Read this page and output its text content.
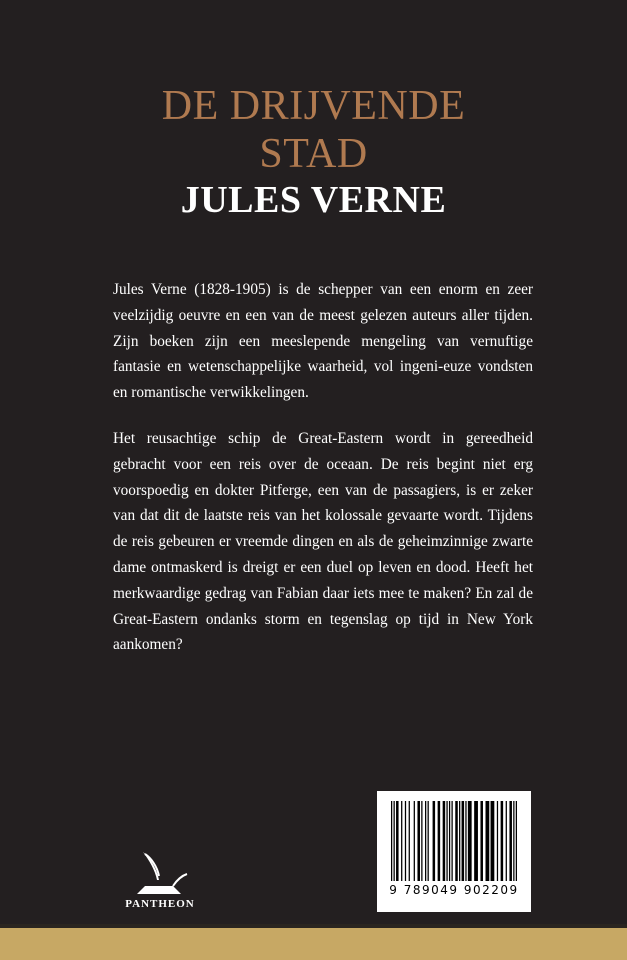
DE DRIJVENDE
STAD
JULES VERNE

Jules Verne (1828-1905) is de schepper van een enorm en zeer veelzijdig oeuvre en een van de meest gelezen auteurs aller tijden. Zijn boeken zijn een meeslepende mengeling van vernuftige fantasie en wetenschappelijke waarheid, vol ingeni-euze vondsten en romantische verwikkelingen.

Het reusachtige schip de Great-Eastern wordt in gereedheid gebracht voor een reis over de oceaan. De reis begint niet erg voorspoedig en dokter Pitferge, een van de passagiers, is er zeker van dat dit de laatste reis van het kolossale gevaarte wordt. Tijdens de reis gebeuren er vreemde dingen en als de geheimzinnige zwarte dame ontmaskerd is dreigt er een duel op leven en dood. Heeft het merkwaardige gedrag van Fabian daar iets mee te maken? En zal de Great-Eastern ondanks storm en tegenslag op tijd in New York aankomen?

PANTHEON
9 789049 902209
